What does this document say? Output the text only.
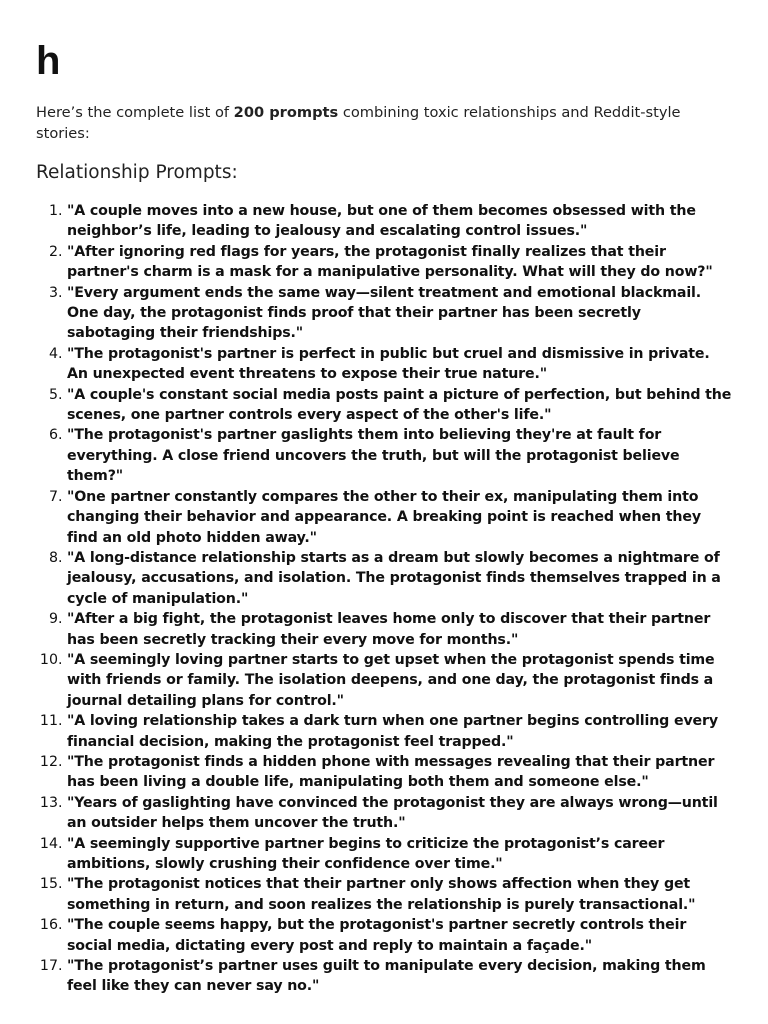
h

Here’s the complete list of 200 prompts combining toxic relationships and Reddit-style stories:

Relationship Prompts:
1. "A couple moves into a new house, but one of them becomes obsessed with the neighbor’s life, leading to jealousy and escalating control issues."
2. "After ignoring red flags for years, the protagonist finally realizes that their partner's charm is a mask for a manipulative personality. What will they do now?"
3. "Every argument ends the same way—silent treatment and emotional blackmail. One day, the protagonist finds proof that their partner has been secretly sabotaging their friendships."
4. "The protagonist's partner is perfect in public but cruel and dismissive in private. An unexpected event threatens to expose their true nature."
5. "A couple's constant social media posts paint a picture of perfection, but behind the scenes, one partner controls every aspect of the other's life."
6. "The protagonist's partner gaslights them into believing they're at fault for everything. A close friend uncovers the truth, but will the protagonist believe them?"
7. "One partner constantly compares the other to their ex, manipulating them into changing their behavior and appearance. A breaking point is reached when they find an old photo hidden away."
8. "A long-distance relationship starts as a dream but slowly becomes a nightmare of jealousy, accusations, and isolation. The protagonist finds themselves trapped in a cycle of manipulation."
9. "After a big fight, the protagonist leaves home only to discover that their partner has been secretly tracking their every move for months."
10. "A seemingly loving partner starts to get upset when the protagonist spends time with friends or family. The isolation deepens, and one day, the protagonist finds a journal detailing plans for control."
11. "A loving relationship takes a dark turn when one partner begins controlling every financial decision, making the protagonist feel trapped."
12. "The protagonist finds a hidden phone with messages revealing that their partner has been living a double life, manipulating both them and someone else."
13. "Years of gaslighting have convinced the protagonist they are always wrong—until an outsider helps them uncover the truth."
14. "A seemingly supportive partner begins to criticize the protagonist’s career ambitions, slowly crushing their confidence over time."
15. "The protagonist notices that their partner only shows affection when they get something in return, and soon realizes the relationship is purely transactional."
16. "The couple seems happy, but the protagonist's partner secretly controls their social media, dictating every post and reply to maintain a façade."
17. "The protagonist’s partner uses guilt to manipulate every decision, making them feel like they can never say no."
